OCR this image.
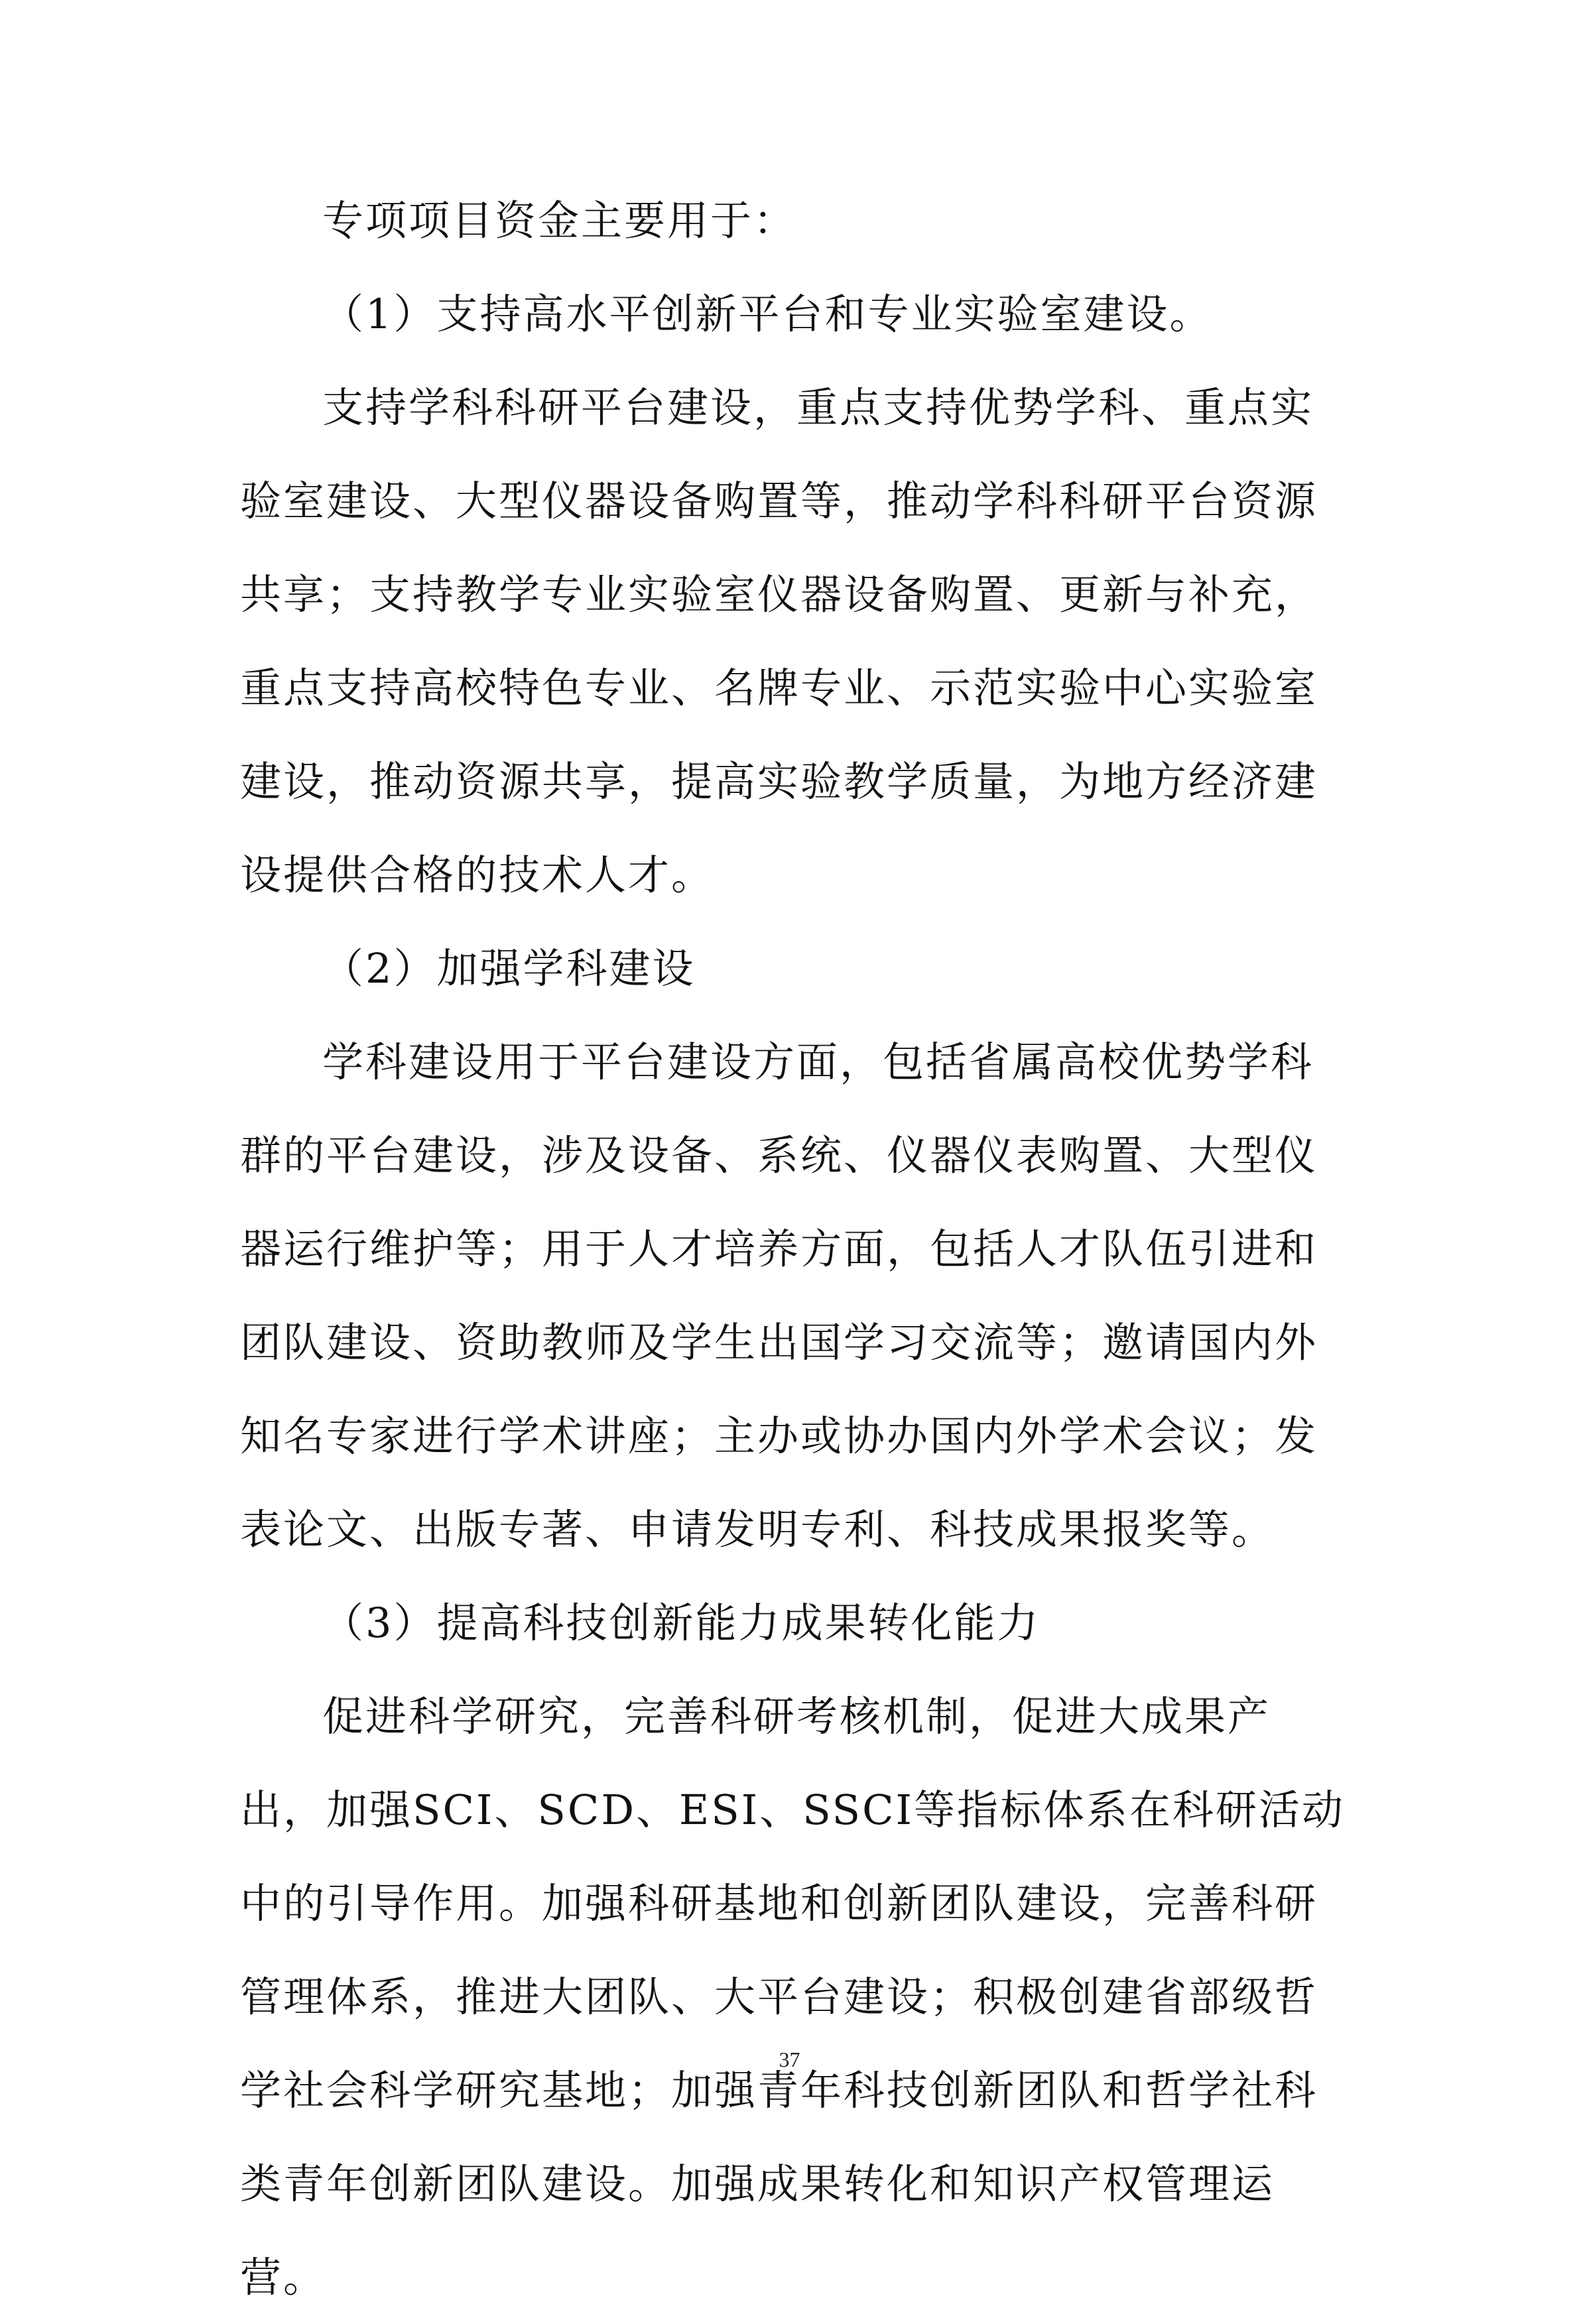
专项项目资金主要用于：

（1）支持高水平创新平台和专业实验室建设。

支持学科科研平台建设，重点支持优势学科、重点实验室建设、大型仪器设备购置等，推动学科科研平台资源共享；支持教学专业实验室仪器设备购置、更新与补充，重点支持高校特色专业、名牌专业、示范实验中心实验室建设，推动资源共享，提高实验教学质量，为地方经济建设提供合格的技术人才。

（2）加强学科建设

学科建设用于平台建设方面，包括省属高校优势学科群的平台建设，涉及设备、系统、仪器仪表购置、大型仪器运行维护等；用于人才培养方面，包括人才队伍引进和团队建设、资助教师及学生出国学习交流等；邀请国内外知名专家进行学术讲座；主办或协办国内外学术会议；发表论文、出版专著、申请发明专利、科技成果报奖等。

（3）提高科技创新能力成果转化能力

促进科学研究，完善科研考核机制，促进大成果产出，加强SCI、SCD、ESI、SSCI等指标体系在科研活动中的引导作用。加强科研基地和创新团队建设，完善科研管理体系，推进大团队、大平台建设；积极创建省部级哲学社会科学研究基地；加强青年科技创新团队和哲学社科类青年创新团队建设。加强成果转化和知识产权管理运营。

37
